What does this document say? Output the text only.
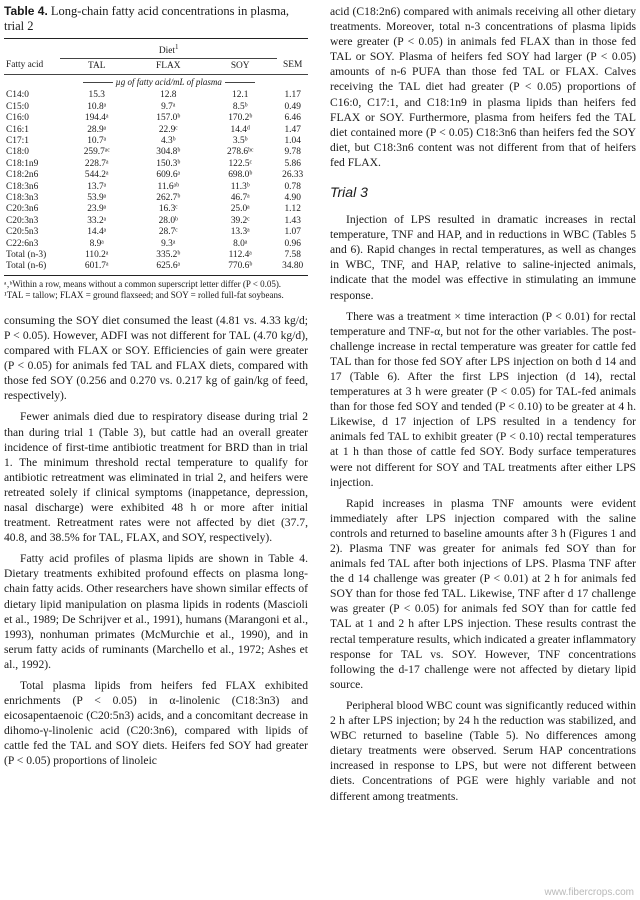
Table 4. Long-chain fatty acid concentrations in plasma, trial 2

	Diet$^1$	
Fatty acid	TAL	FLAX	SOY	SEM
	µg of fatty acid/mL of plasma			
C14:0	15.3	12.8	12.1	1.17
C15:0	10.8ᵃ	9.7ᵃ	8.5ᵇ	0.49
C16:0	194.4ᵃ	157.0ᵇ	170.2ᵇ	6.46
C16:1	28.9ᵃ	22.9ᶜ	14.4ᵈ	1.47
C17:1	10.7ᵃ	4.3ᵇ	3.5ᵇ	1.04
C18:0	259.7ᵃᶜ	304.8ᵇ	278.6ᵇᶜ	9.78
C18:1n9	228.7ᵃ	150.3ᵇ	122.5ᶜ	5.86
C18:2n6	544.2ᵃ	609.6ᵃ	698.0ᵇ	26.33
C18:3n6	13.7ᵃ	11.6ᵃᵇ	11.3ᵇ	0.78
C18:3n3	53.9ᵃ	262.7ᵇ	46.7ᵃ	4.90
C20:3n6	23.9ᵃ	16.3ᶜ	25.0ᵃ	1.12
C20:3n3	33.2ᵃ	28.0ᵇ	39.2ᶜ	1.43
C20:5n3	14.4ᵃ	28.7ᶜ	13.3ᵃ	1.07
C22:6n3	8.9ᵃ	9.3ᵃ	8.0ᵃ	0.96
Total (n-3)	110.2ᵃ	335.2ᵇ	112.4ᵃ	7.58
Total (n-6)	601.7ᵃ	625.6ᵃ	770.6ᵇ	34.80

ᵃ‚ᵇWithin a row, means without a common superscript letter differ (P < 0.05).

¹TAL = tallow; FLAX = ground flaxseed; and SOY = rolled full-fat soybeans.

consuming the SOY diet consumed the least (4.81 vs. 4.33 kg/d; P < 0.05). However, ADFI was not different for TAL (4.70 kg/d), compared with FLAX or SOY. Efficiencies of gain were greater (P < 0.05) for animals fed TAL and FLAX diets, compared with those fed SOY (0.256 and 0.270 vs. 0.217 kg of gain/kg of feed, respectively).

Fewer animals died due to respiratory disease during trial 2 than during trial 1 (Table 3), but cattle had an overall greater incidence of first-time antibiotic treatment for BRD than in trial 1. The minimum threshold rectal temperature to qualify for antibiotic retreatment was eliminated in trial 2, and heifers were retreated solely if clinical symptoms (inappetance, depression, nasal discharge) were exhibited 48 h or more after initial treatment. Retreatment rates were not affected by diet (37.7, 40.8, and 38.5% for TAL, FLAX, and SOY, respectively).

Fatty acid profiles of plasma lipids are shown in Table 4. Dietary treatments exhibited profound effects on plasma long-chain fatty acids. Other researchers have shown similar effects of dietary lipid manipulation on plasma lipids in rodents (Mascioli et al., 1989; De Schrijver et al., 1991), humans (Marangoni et al., 1993), nonhuman primates (McMurchie et al., 1990), and in serum fatty acids of ruminants (Marchello et al., 1972; Ashes et al., 1992).

Total plasma lipids from heifers fed FLAX exhibited enrichments (P < 0.05) in α-linolenic (C18:3n3) and eicosapentaenoic (C20:5n3) acids, and a concomitant decrease in dihomo-γ-linolenic acid (C20:3n6), compared with lipids of cattle fed the TAL and SOY diets. Heifers fed SOY had greater (P < 0.05) proportions of linoleic

acid (C18:2n6) compared with animals receiving all other dietary treatments. Moreover, total n-3 concentrations of plasma lipids were greater (P < 0.05) in animals fed FLAX than in those fed TAL or SOY. Plasma of heifers fed SOY had larger (P < 0.05) amounts of n-6 PUFA than those fed TAL or FLAX. Calves receiving the TAL diet had greater (P < 0.05) proportions of C16:0, C17:1, and C18:1n9 in plasma lipids than heifers fed FLAX or SOY. Furthermore, plasma from heifers fed the TAL diet contained more (P < 0.05) C18:3n6 than heifers fed the SOY diet, but C18:3n6 content was not different from that of heifers fed FLAX.

Trial 3

Injection of LPS resulted in dramatic increases in rectal temperature, TNF and HAP, and in reductions in WBC (Tables 5 and 6). Rapid changes in rectal temperatures, as well as changes in WBC, TNF, and HAP, relative to saline-injected animals, indicate that the model was effective in stimulating an immune response.

There was a treatment × time interaction (P < 0.01) for rectal temperature and TNF-α, but not for the other variables. The post-challenge increase in rectal temperature was greater for cattle fed TAL than for those fed SOY after LPS injection on both d 14 and 17 (Table 6). After the first LPS injection (d 14), rectal temperatures at 3 h were greater (P < 0.05) for TAL-fed animals than for those fed SOY and tended (P < 0.10) to be greater at 4 h. Likewise, d 17 injection of LPS resulted in a tendency for animals fed TAL to exhibit greater (P < 0.10) rectal temperatures at 1 h than those of cattle fed SOY. Body surface temperatures were not different for SOY and TAL treatments after either LPS injection.

Rapid increases in plasma TNF amounts were evident immediately after LPS injection compared with the saline controls and returned to baseline amounts after 3 h (Figures 1 and 2). Plasma TNF was greater for animals fed SOY than for animals fed TAL after both injections of LPS. Plasma TNF after the d 14 challenge was greater (P < 0.01) at 2 h for animals fed SOY than for those fed TAL. Likewise, TNF after d 17 challenge was greater (P < 0.05) for animals fed SOY than for cattle fed TAL at 1 and 2 h after LPS injection. These results contrast the rectal temperature results, which indicated a greater inflammatory response for TAL vs. SOY. However, TNF concentrations following the d-17 challenge were not affected by dietary lipid source.

Peripheral blood WBC count was significantly reduced within 2 h after LPS injection; by 24 h the reduction was stabilized, and WBC returned to baseline (Table 5). No differences among dietary treatments were observed. Serum HAP concentrations increased in response to LPS, but were not different between diets. Concentrations of PGE were highly variable and not different among treatments.

www.fibercrops.com
